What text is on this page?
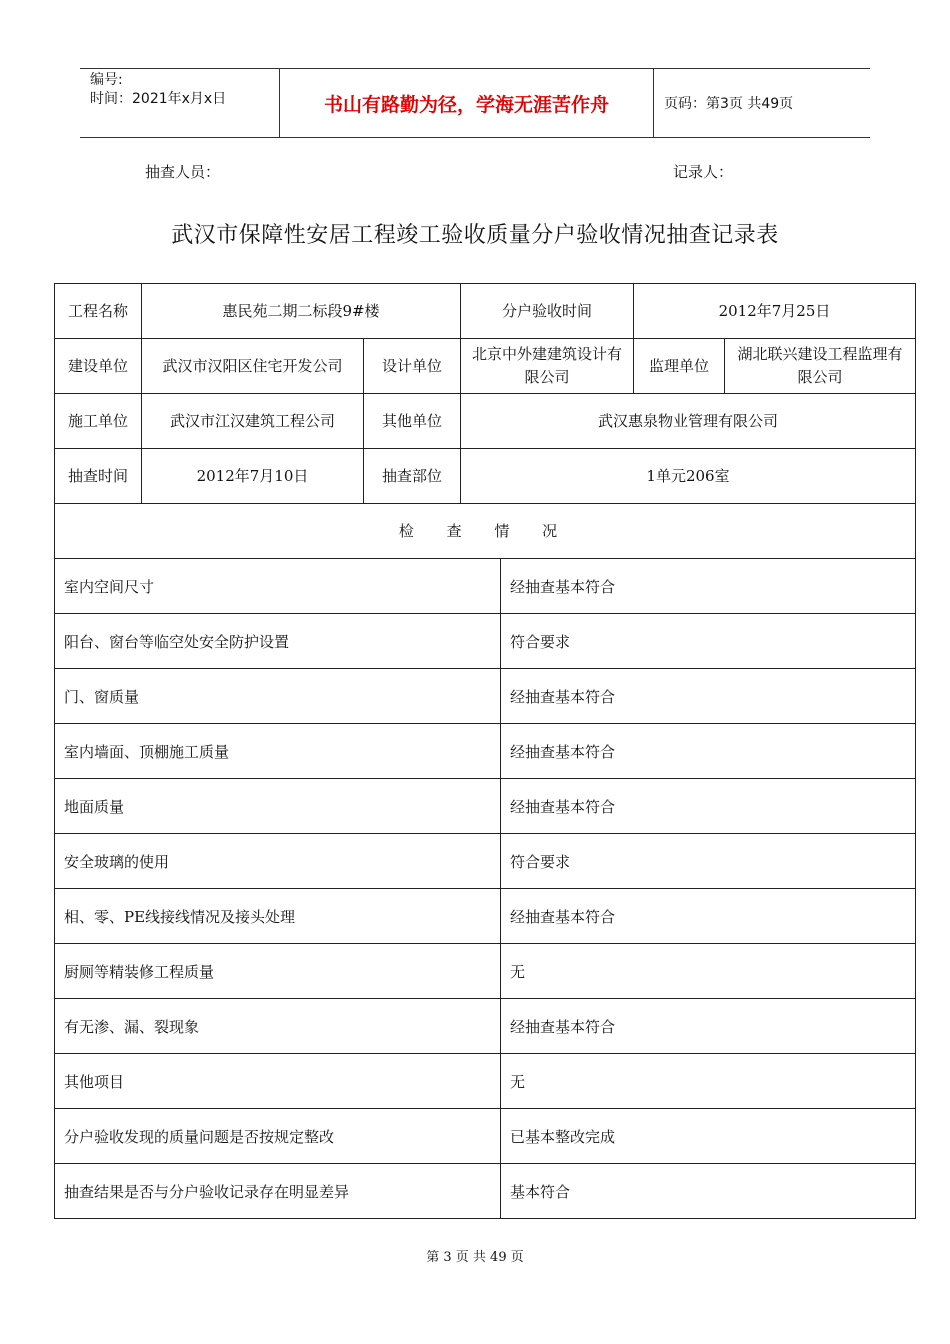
编号:
时间：2021年x月x日	书山有路勤为径，学海无涯苦作舟	页码：第3页 共49页
抽查人员：	记录人：
武汉市保障性安居工程竣工验收质量分户验收情况抽查记录表
工程名称	惠民苑二期二标段9#楼		分户验收时间	2012年7月25日	
建设单位	武汉市汉阳区住宅开发公司	设计单位	北京中外建建筑设计有限公司	监理单位	湖北联兴建设工程监理有限公司
施工单位	武汉市江汉建筑工程公司	其他单位	武汉惠泉物业管理有限公司		
抽查时间	2012年7月10日	抽查部位	1单元206室		
检 查 情 况					
室内空间尺寸	经抽查基本符合
阳台、窗台等临空处安全防护设置	符合要求
门、窗质量	经抽查基本符合
室内墙面、顶棚施工质量	经抽查基本符合
地面质量	经抽查基本符合
安全玻璃的使用	符合要求
相、零、PE线接线情况及接头处理	经抽查基本符合
厨厕等精装修工程质量	无
有无渗、漏、裂现象	经抽查基本符合
其他项目	无
分户验收发现的质量问题是否按规定整改	已基本整改完成
抽查结果是否与分户验收记录存在明显差异	基本符合
第 3 页 共 49 页
